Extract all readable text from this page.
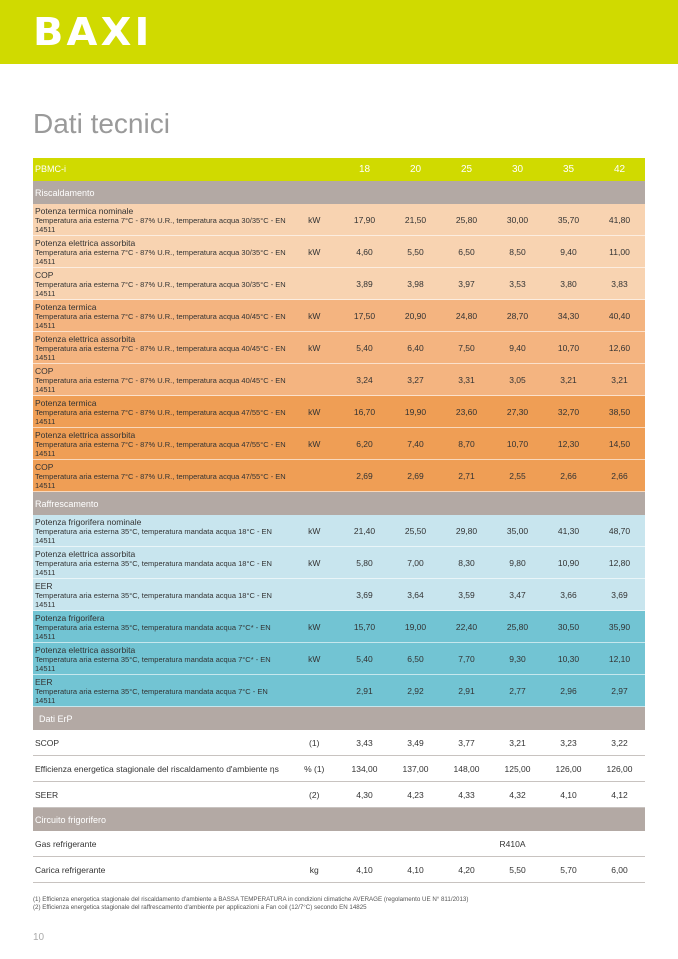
BAXI
Dati tecnici
PBMC-i	18	20	25	30	35	42
Riscaldamento
Potenza termica nominale
Temperatura aria esterna 7°C - 87% U.R., temperatura acqua 30/35°C - EN 14511
kW	17,90	21,50	25,80	30,00	35,70	41,80
Potenza elettrica assorbita
Temperatura aria esterna 7°C - 87% U.R., temperatura acqua 30/35°C - EN 14511
kW	4,60	5,50	6,50	8,50	9,40	11,00
COP
Temperatura aria esterna 7°C - 87% U.R., temperatura acqua 30/35°C - EN 14511
3,89	3,98	3,97	3,53	3,80	3,83
Potenza termica
Temperatura aria esterna 7°C - 87% U.R., temperatura acqua 40/45°C - EN 14511
kW	17,50	20,90	24,80	28,70	34,30	40,40
Potenza elettrica assorbita
Temperatura aria esterna 7°C - 87% U.R., temperatura acqua 40/45°C - EN 14511
kW	5,40	6,40	7,50	9,40	10,70	12,60
COP
Temperatura aria esterna 7°C - 87% U.R., temperatura acqua 40/45°C - EN 14511
3,24	3,27	3,31	3,05	3,21	3,21
Potenza termica
Temperatura aria esterna 7°C - 87% U.R., temperatura acqua 47/55°C - EN 14511
kW	16,70	19,90	23,60	27,30	32,70	38,50
Potenza elettrica assorbita
Temperatura aria esterna 7°C - 87% U.R., temperatura acqua 47/55°C - EN 14511
kW	6,20	7,40	8,70	10,70	12,30	14,50
COP
Temperatura aria esterna 7°C - 87% U.R., temperatura acqua 47/55°C - EN 14511
2,69	2,69	2,71	2,55	2,66	2,66
Raffrescamento
Potenza frigorifera nominale
Temperatura aria esterna 35°C, temperatura mandata acqua 18°C - EN 14511
kW	21,40	25,50	29,80	35,00	41,30	48,70
Potenza elettrica assorbita
Temperatura aria esterna 35°C, temperatura mandata acqua 18°C - EN 14511
kW	5,80	7,00	8,30	9,80	10,90	12,80
EER
Temperatura aria esterna 35°C, temperatura mandata acqua 18°C - EN 14511
3,69	3,64	3,59	3,47	3,66	3,69
Potenza frigorifera
Temperatura aria esterna 35°C, temperatura mandata acqua 7°C* - EN 14511
kW	15,70	19,00	22,40	25,80	30,50	35,90
Potenza elettrica assorbita
Temperatura aria esterna 35°C, temperatura mandata acqua 7°C* - EN 14511
kW	5,40	6,50	7,70	9,30	10,30	12,10
EER
Temperatura aria esterna 35°C, temperatura mandata acqua 7°C - EN 14511
2,91	2,92	2,91	2,77	2,96	2,97
Dati ErP
SCOP	(1)	3,43	3,49	3,77	3,21	3,23	3,22
Efficienza energetica stagionale del riscaldamento d'ambiente ηs	% (1)	134,00	137,00	148,00	125,00	126,00	126,00
SEER	(2)	4,30	4,23	4,33	4,32	4,10	4,12
Circuito frigorifero
Gas refrigerante	R410A
Carica refrigerante	kg	4,10	4,10	4,20	5,50	5,70	6,00
(1) Efficienza energetica stagionale del riscaldamento d'ambiente a BASSA TEMPERATURA in condizioni climatiche AVERAGE (regolamento UE N° 811/2013)
(2) Efficienza energetica stagionale del raffrescamento d'ambiente per applicazioni a Fan coil (12/7°C) secondo EN 14825
10
